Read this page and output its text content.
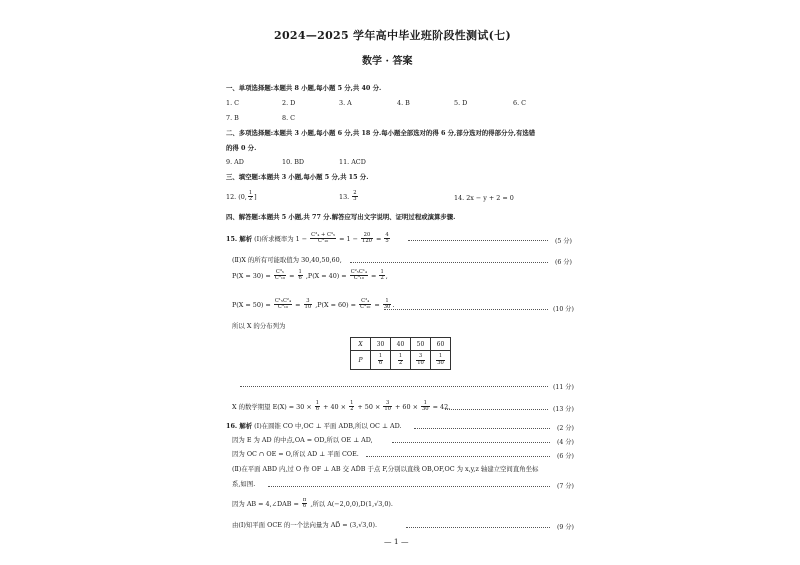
2024—2025 学年高中毕业班阶段性测试(七)
数学 · 答案
一、单项选择题:本题共 8 小题,每小题 5 分,共 40 分.
1. C	2. D	3. A	4. B	5. D	6. C
7. B	8. C
二、多项选择题:本题共 3 小题,每小题 6 分,共 18 分.每小题全部选对的得 6 分,部分选对的得部分分,有选错
的得 0 分.
9. AD	10. BD	11. ACD
三、填空题:本题共 3 小题,每小题 5 分,共 15 分.
12. (0, $\frac{1}{2}$ ]	13. $\frac{2}{3}$	14. 2x − y + 2 = 0
四、解答题:本题共 5 小题,共 77 分.解答应写出文字说明、证明过程或演算步骤.
15. 解析 (Ⅰ)所求概率为 $1 - \frac{\text{C³₄ + C³₅}}{\text{C³₁₀}} = 1 - \frac{20}{120} = \frac{4}{5}$	(5 分)
(Ⅱ)X 的所有可能取值为 30,40,50,60,	(6 分)
$P(X = 30) = \frac{\text{C³₅}}{\text{C³₁₀}} = \frac{1}{6} ,P(X = 40) = \frac{\text{C²₅C¹₄}}{\text{C³₁₀}} = \frac{1}{2}$ ,
$P(X = 50) = \frac{\text{C¹₅C²₄}}{\text{C³₁₀}} = \frac{3}{10} ,P(X = 60) = \frac{\text{C³₄}}{\text{C³₁₀}} = \frac{1}{30}$ .
(10 分)
所以 X 的分布列为
X	30	40	50	60
P	$\frac{1}{6}$	$\frac{1}{2}$	$\frac{3}{10}$	$\frac{1}{30}$
(11 分)
X 的数学期望 $E(X) = 30 \times \frac{1}{6} + 40 \times \frac{1}{2} + 50 \times \frac{3}{10} + 60 \times \frac{1}{30} = 42$.	(13 分)
16. 解析 (Ⅰ)在圆锥 CO 中,OC ⊥ 平面 ADB,所以 OC ⊥ AD.	(2 分)
因为 E 为 AD 的中点,OA = OD,所以 OE ⊥ AD,	(4 分)
因为 OC ∩ OE = O,所以 AD ⊥ 平面 COE.	(6 分)
(Ⅱ)在平面 ABD 内,过 O 作 OF ⊥ AB 交 AD̂B 于点 F,分别以直线 OB,OF,OC 为 x,y,z 轴建立空间直角坐标
系,如图.	(7 分)
因为 AB = 4,∠DAB = $\frac{\pi}{6}$ ,所以 A(−2,0,0),D(1,√3,0).
由(Ⅰ)知平面 OCE 的一个法向量为 AD⃗ = (3,√3,0).	(9 分)
— 1 —
